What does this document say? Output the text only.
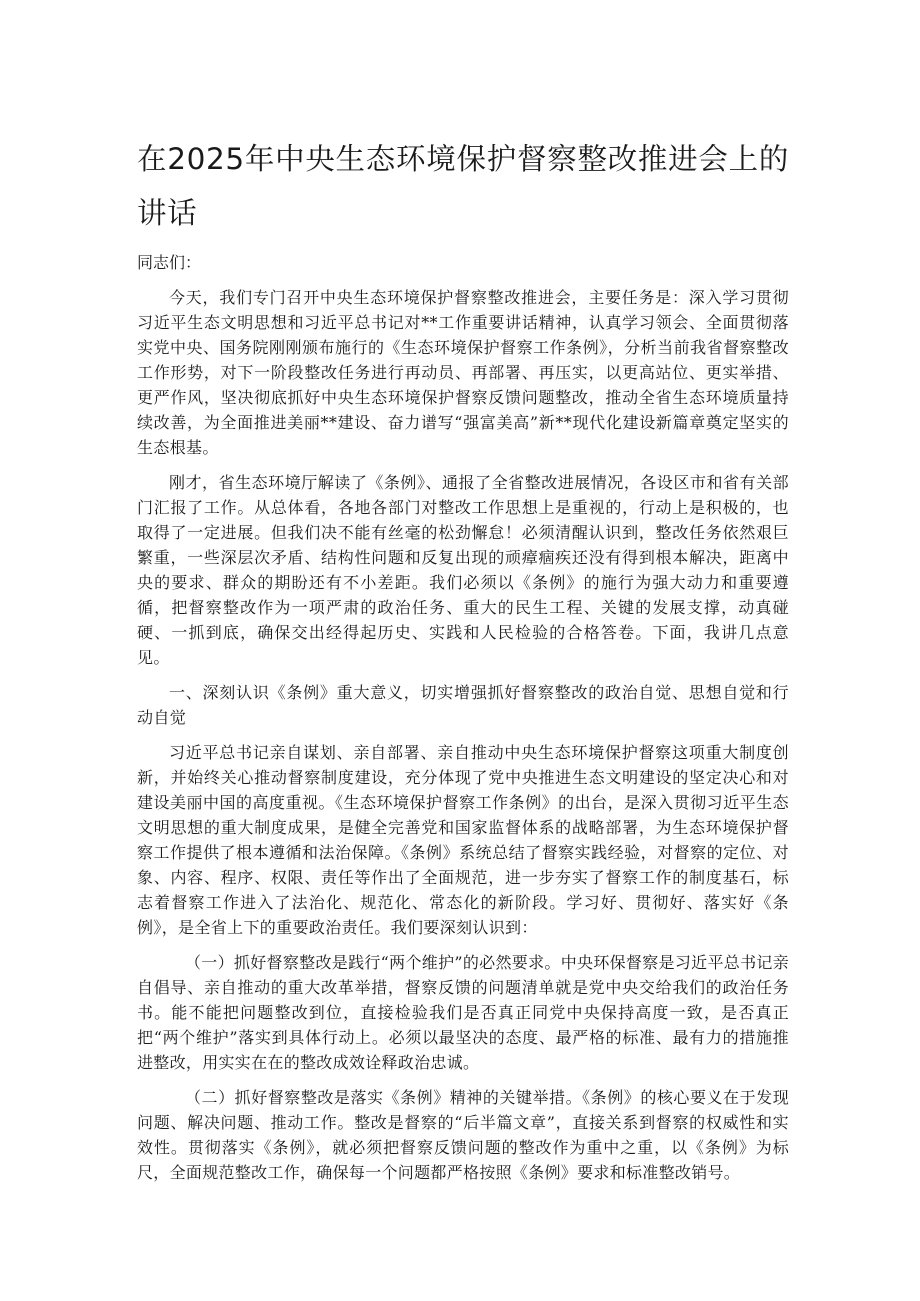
在2025年中央生态环境保护督察整改推进会上的讲话

同志们：

今天，我们专门召开中央生态环境保护督察整改推进会，主要任务是：深入学习贯彻习近平生态文明思想和习近平总书记对**工作重要讲话精神，认真学习领会、全面贯彻落实党中央、国务院刚刚颁布施行的《生态环境保护督察工作条例》，分析当前我省督察整改工作形势，对下一阶段整改任务进行再动员、再部署、再压实，以更高站位、更实举措、更严作风，坚决彻底抓好中央生态环境保护督察反馈问题整改，推动全省生态环境质量持续改善，为全面推进美丽**建设、奋力谱写“强富美高”新**现代化建设新篇章奠定坚实的生态根基。

刚才，省生态环境厅解读了《条例》、通报了全省整改进展情况，各设区市和省有关部门汇报了工作。从总体看，各地各部门对整改工作思想上是重视的，行动上是积极的，也取得了一定进展。但我们决不能有丝毫的松劲懈怠！必须清醒认识到，整改任务依然艰巨繁重，一些深层次矛盾、结构性问题和反复出现的顽瘴痼疾还没有得到根本解决，距离中央的要求、群众的期盼还有不小差距。我们必须以《条例》的施行为强大动力和重要遵循，把督察整改作为一项严肃的政治任务、重大的民生工程、关键的发展支撑，动真碰硬、一抓到底，确保交出经得起历史、实践和人民检验的合格答卷。下面，我讲几点意见。

一、深刻认识《条例》重大意义，切实增强抓好督察整改的政治自觉、思想自觉和行动自觉

习近平总书记亲自谋划、亲自部署、亲自推动中央生态环境保护督察这项重大制度创新，并始终关心推动督察制度建设，充分体现了党中央推进生态文明建设的坚定决心和对建设美丽中国的高度重视。《生态环境保护督察工作条例》的出台，是深入贯彻习近平生态文明思想的重大制度成果，是健全完善党和国家监督体系的战略部署，为生态环境保护督察工作提供了根本遵循和法治保障。《条例》系统总结了督察实践经验，对督察的定位、对象、内容、程序、权限、责任等作出了全面规范，进一步夯实了督察工作的制度基石，标志着督察工作进入了法治化、规范化、常态化的新阶段。学习好、贯彻好、落实好《条例》，是全省上下的重要政治责任。我们要深刻认识到：

（一）抓好督察整改是践行“两个维护”的必然要求。中央环保督察是习近平总书记亲自倡导、亲自推动的重大改革举措，督察反馈的问题清单就是党中央交给我们的政治任务书。能不能把问题整改到位，直接检验我们是否真正同党中央保持高度一致，是否真正把“两个维护”落实到具体行动上。必须以最坚决的态度、最严格的标准、最有力的措施推进整改，用实实在在的整改成效诠释政治忠诚。

（二）抓好督察整改是落实《条例》精神的关键举措。《条例》的核心要义在于发现问题、解决问题、推动工作。整改是督察的“后半篇文章”，直接关系到督察的权威性和实效性。贯彻落实《条例》，就必须把督察反馈问题的整改作为重中之重，以《条例》为标尺，全面规范整改工作，确保每一个问题都严格按照《条例》要求和标准整改销号。
